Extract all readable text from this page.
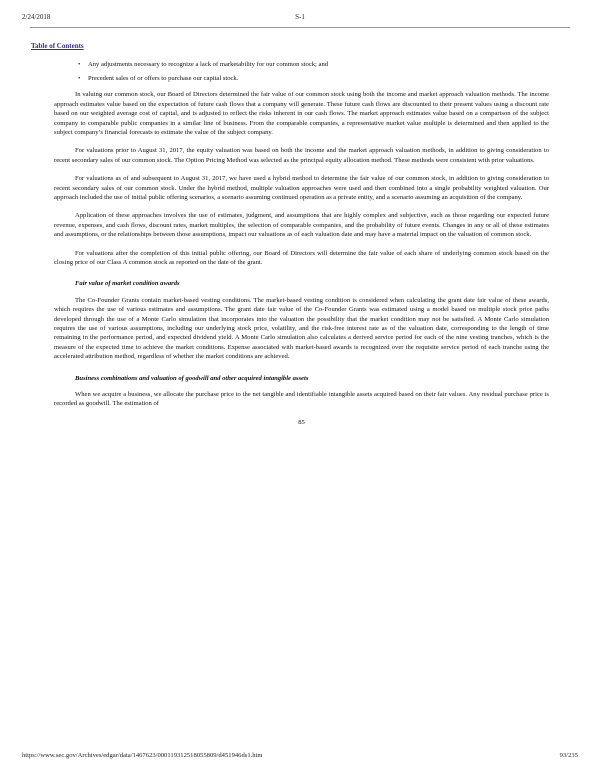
2/24/2018	S-1
Table of Contents
• Any adjustments necessary to recognize a lack of marketability for our common stock; and
• Precedent sales of or offers to purchase our capital stock.

In valuing our common stock, our Board of Directors determined the fair value of our common stock using both the income and market approach valuation methods. The income approach estimates value based on the expectation of future cash flows that a company will generate. These future cash flows are discounted to their present values using a discount rate based on our weighted average cost of capital, and is adjusted to reflect the risks inherent in our cash flows. The market approach estimates value based on a comparison of the subject company to comparable public companies in a similar line of business. From the comparable companies, a representative market value multiple is determined and then applied to the subject company’s financial forecasts to estimate the value of the subject company.

For valuations prior to August 31, 2017, the equity valuation was based on both the income and the market approach valuation methods, in addition to giving consideration to recent secondary sales of our common stock. The Option Pricing Method was selected as the principal equity allocation method. These methods were consistent with prior valuations.

For valuations as of and subsequent to August 31, 2017, we have used a hybrid method to determine the fair value of our common stock, in addition to giving consideration to recent secondary sales of our common stock. Under the hybrid method, multiple valuation approaches were used and then combined into a single probability weighted valuation. Our approach included the use of initial public offering scenarios, a scenario assuming continued operation as a private entity, and a scenario assuming an acquisition of the company.

Application of these approaches involves the use of estimates, judgment, and assumptions that are highly complex and subjective, such as those regarding our expected future revenue, expenses, and cash flows, discount rates, market multiples, the selection of comparable companies, and the probability of future events. Changes in any or all of these estimates and assumptions, or the relationships between those assumptions, impact our valuations as of each valuation date and may have a material impact on the valuation of common stock.

For valuations after the completion of this initial public offering, our Board of Directors will determine the fair value of each share of underlying common stock based on the closing price of our Class A common stock as reported on the date of the grant.

Fair value of market condition awards

The Co-Founder Grants contain market-based vesting conditions. The market-based vesting condition is considered when calculating the grant date fair value of these awards, which requires the use of various estimates and assumptions. The grant date fair value of the Co-Founder Grants was estimated using a model based on multiple stock price paths developed through the use of a Monte Carlo simulation that incorporates into the valuation the possibility that the market condition may not be satisfied. A Monte Carlo simulation requires the use of various assumptions, including our underlying stock price, volatility, and the risk-free interest rate as of the valuation date, corresponding to the length of time remaining in the performance period, and expected dividend yield. A Monte Carlo simulation also calculates a derived service period for each of the nine vesting tranches, which is the measure of the expected time to achieve the market conditions. Expense associated with market-based awards is recognized over the requisite service period of each tranche using the accelerated attribution method, regardless of whether the market conditions are achieved.

Business combinations and valuation of goodwill and other acquired intangible assets

When we acquire a business, we allocate the purchase price to the net tangible and identifiable intangible assets acquired based on their fair values. Any residual purchase price is recorded as goodwill. The estimation of

85
https://www.sec.gov/Archives/edgar/data/1467623/000119312518055809/d451946ds1.htm	93/235
